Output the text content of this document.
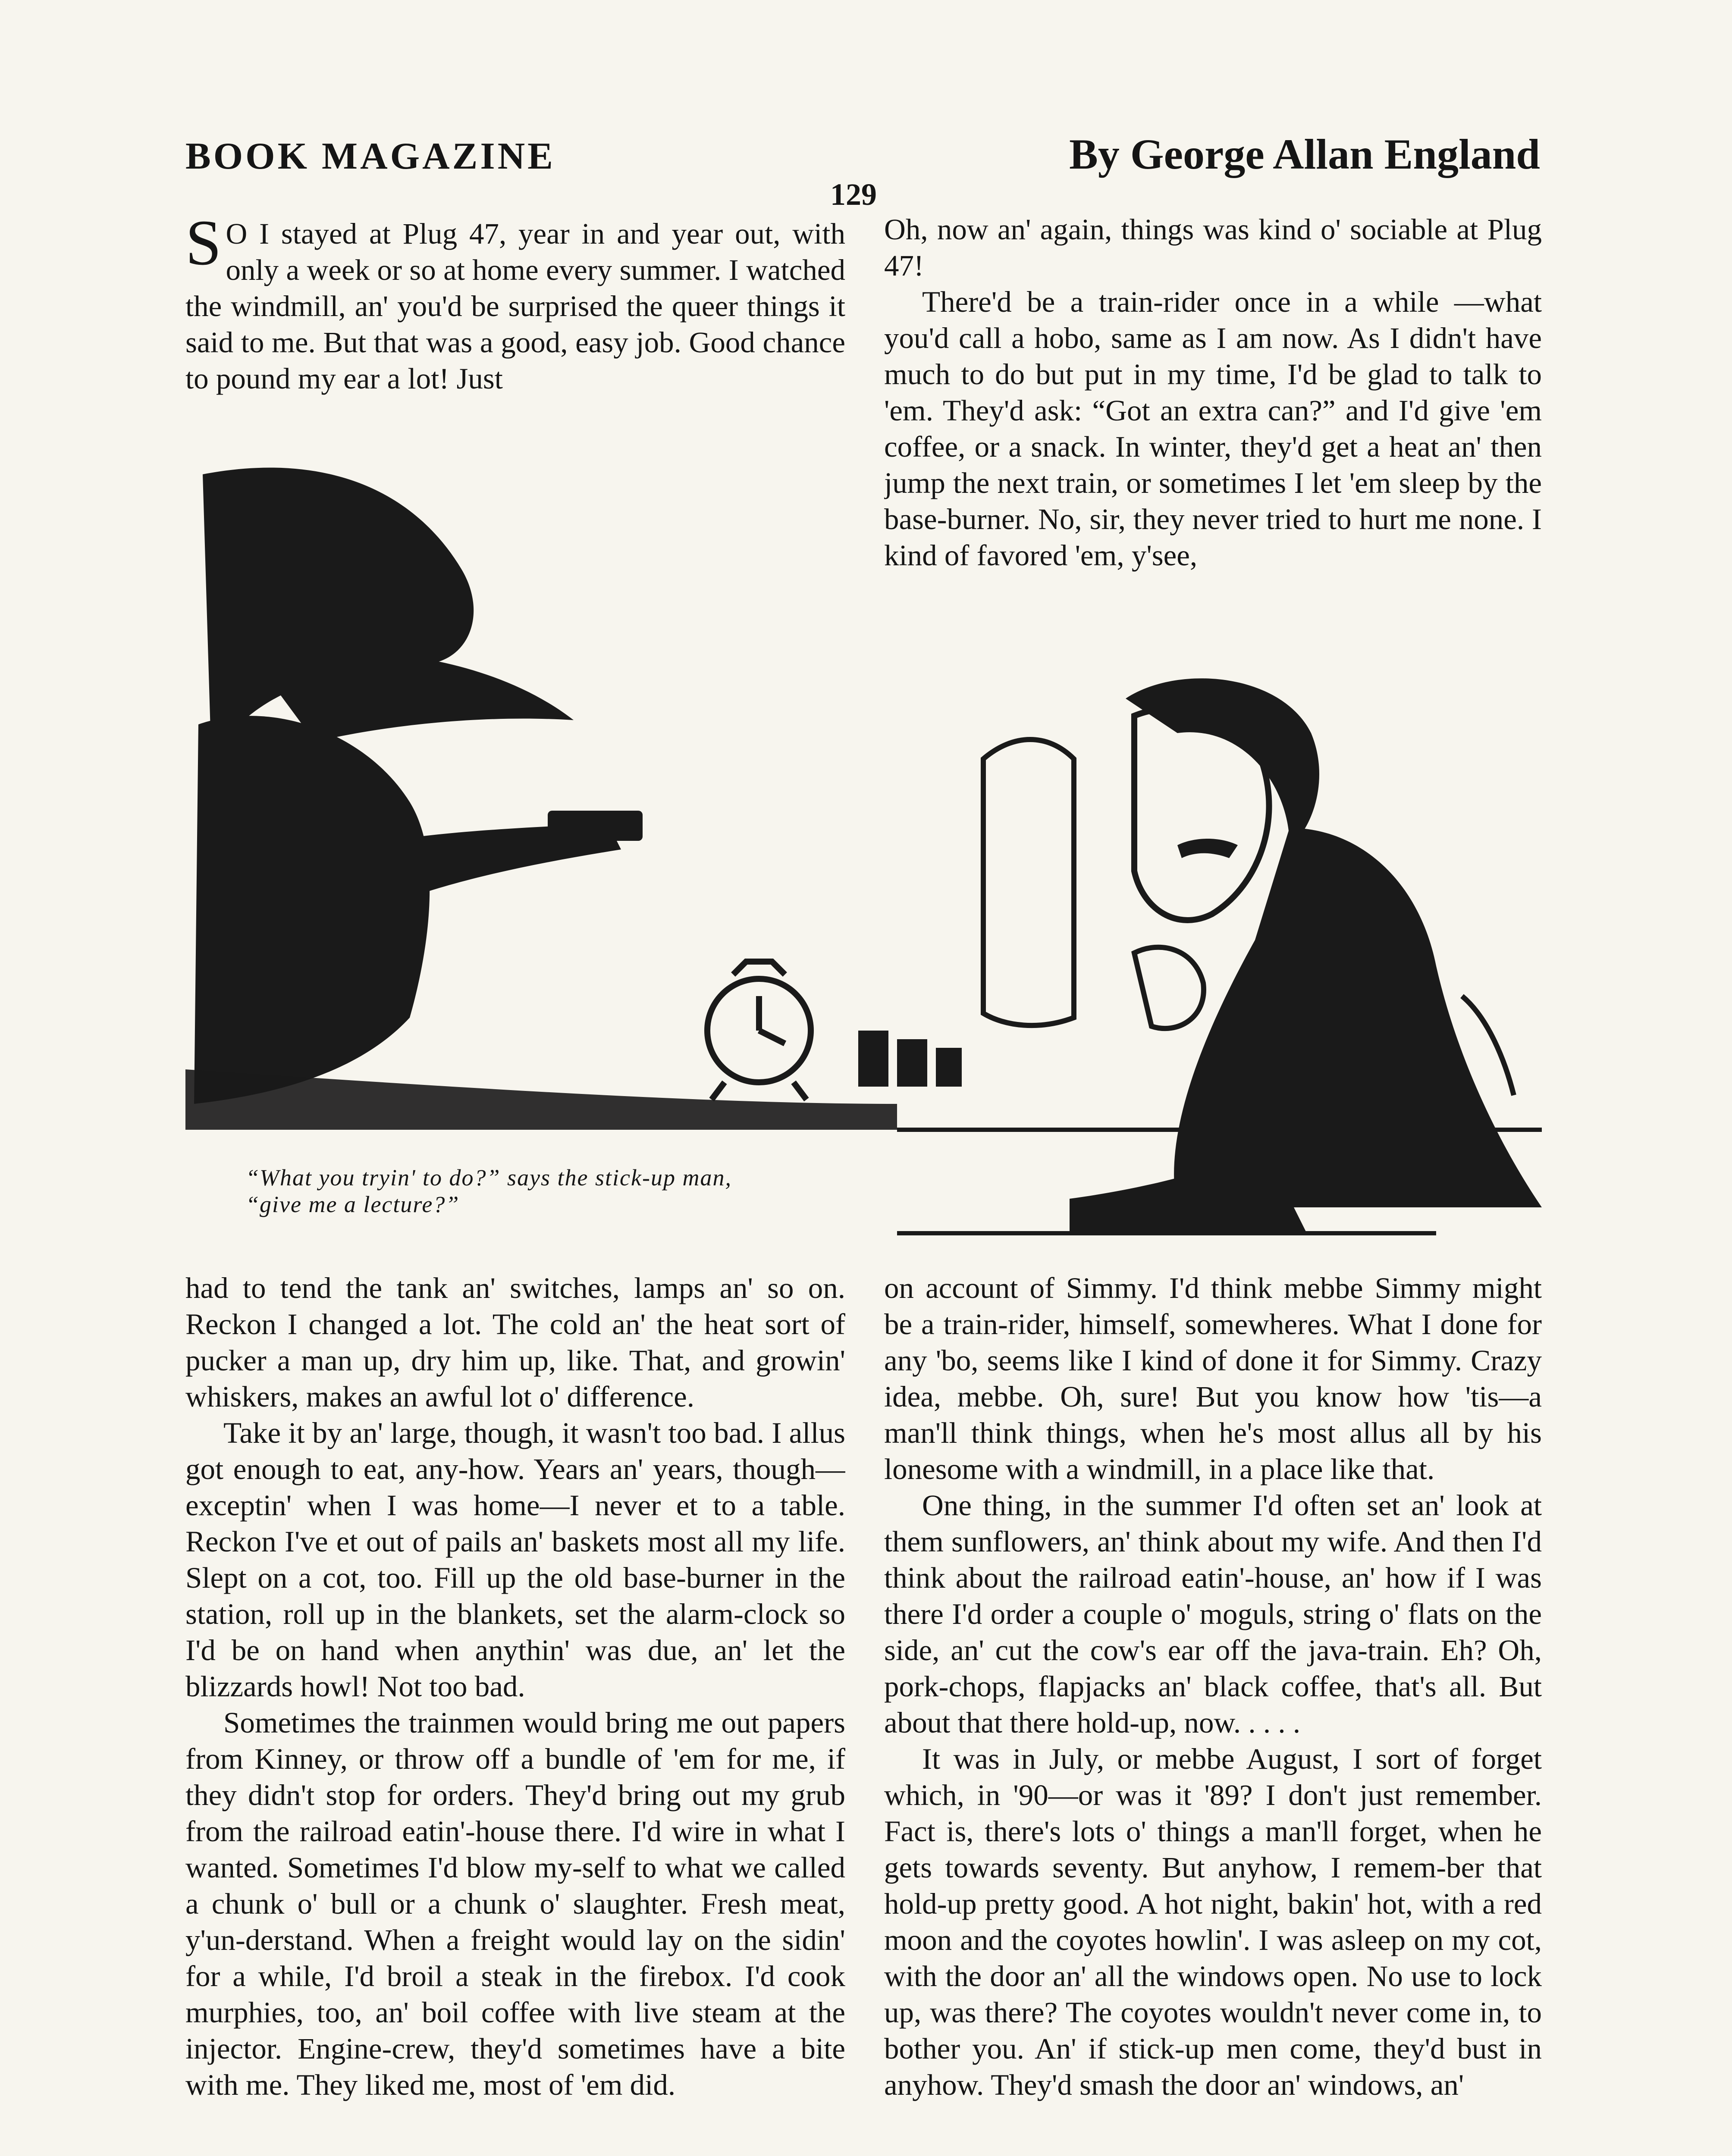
BOOK MAGAZINE	By George Allan England
129

S O I stayed at Plug 47, year in and year out, with only a week or so at home every summer. I watched the windmill, an' you'd be surprised the queer things it said to me. But that was a good, easy job. Good chance to pound my ear a lot! Just

Oh, now an' again, things was kind o' sociable at Plug 47!

There'd be a train-rider once in a while —what you'd call a hobo, same as I am now. As I didn't have much to do but put in my time, I'd be glad to talk to 'em. They'd ask: “Got an extra can?” and I'd give 'em coffee, or a snack. In winter, they'd get a heat an' then jump the next train, or sometimes I let 'em sleep by the base-burner. No, sir, they never tried to hurt me none. I kind of favored 'em, y'see,

“What you tryin' to do?” says the stick-up man, “give me a lecture?”

had to tend the tank an' switches, lamps an' so on. Reckon I changed a lot. The cold an' the heat sort of pucker a man up, dry him up, like. That, and growin' whiskers, makes an awful lot o' difference.

Take it by an' large, though, it wasn't too bad. I allus got enough to eat, any-how. Years an' years, though—exceptin' when I was home—I never et to a table. Reckon I've et out of pails an' baskets most all my life. Slept on a cot, too. Fill up the old base-burner in the station, roll up in the blankets, set the alarm-clock so I'd be on hand when anythin' was due, an' let the blizzards howl! Not too bad.

Sometimes the trainmen would bring me out papers from Kinney, or throw off a bundle of 'em for me, if they didn't stop for orders. They'd bring out my grub from the railroad eatin'-house there. I'd wire in what I wanted. Sometimes I'd blow my-self to what we called a chunk o' bull or a chunk o' slaughter. Fresh meat, y'un-derstand. When a freight would lay on the sidin' for a while, I'd broil a steak in the firebox. I'd cook murphies, too, an' boil coffee with live steam at the injector. Engine-crew, they'd sometimes have a bite with me. They liked me, most of 'em did.

on account of Simmy. I'd think mebbe Simmy might be a train-rider, himself, somewheres. What I done for any 'bo, seems like I kind of done it for Simmy. Crazy idea, mebbe. Oh, sure! But you know how 'tis—a man'll think things, when he's most allus all by his lonesome with a windmill, in a place like that.

One thing, in the summer I'd often set an' look at them sunflowers, an' think about my wife. And then I'd think about the railroad eatin'-house, an' how if I was there I'd order a couple o' moguls, string o' flats on the side, an' cut the cow's ear off the java-train. Eh? Oh, pork-chops, flapjacks an' black coffee, that's all. But about that there hold-up, now. . . . .

It was in July, or mebbe August, I sort of forget which, in '90—or was it '89? I don't just remember. Fact is, there's lots o' things a man'll forget, when he gets towards seventy. But anyhow, I remem-ber that hold-up pretty good. A hot night, bakin' hot, with a red moon and the coyotes howlin'. I was asleep on my cot, with the door an' all the windows open. No use to lock up, was there? The coyotes wouldn't never come in, to bother you. An' if stick-up men come, they'd bust in anyhow. They'd smash the door an' windows, an'
